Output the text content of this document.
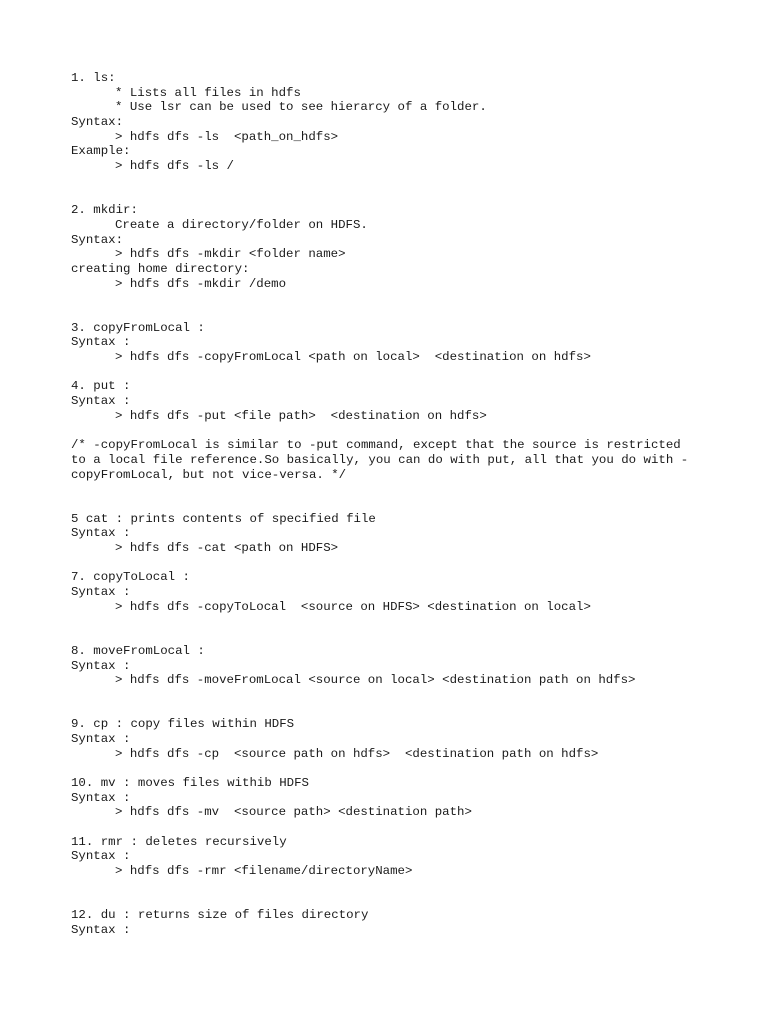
1. ls:
* Lists all files in hdfs
* Use lsr can be used to see hierarcy of a folder.
Syntax:
> hdfs dfs -ls  <path_on_hdfs>
Example:
> hdfs dfs -ls /
2. mkdir:
Create a directory/folder on HDFS.
Syntax:
> hdfs dfs -mkdir <folder name>
creating home directory:
> hdfs dfs -mkdir /demo
3. copyFromLocal :
Syntax :
> hdfs dfs -copyFromLocal <path on local>  <destination on hdfs>
4. put :
Syntax :
> hdfs dfs -put <file path>  <destination on hdfs>
/* -copyFromLocal is similar to -put command, except that the source is restricted
to a local file reference.So basically, you can do with put, all that you do with -
copyFromLocal, but not vice-versa. */
5 cat : prints contents of specified file
Syntax :
> hdfs dfs -cat <path on HDFS>
7. copyToLocal :
Syntax :
> hdfs dfs -copyToLocal  <source on HDFS> <destination on local>
8. moveFromLocal :
Syntax :
> hdfs dfs -moveFromLocal <source on local> <destination path on hdfs>
9. cp : copy files within HDFS
Syntax :
> hdfs dfs -cp  <source path on hdfs>  <destination path on hdfs>
10. mv : moves files withib HDFS
Syntax :
> hdfs dfs -mv  <source path> <destination path>
11. rmr : deletes recursively
Syntax :
> hdfs dfs -rmr <filename/directoryName>
12. du : returns size of files directory
Syntax :
